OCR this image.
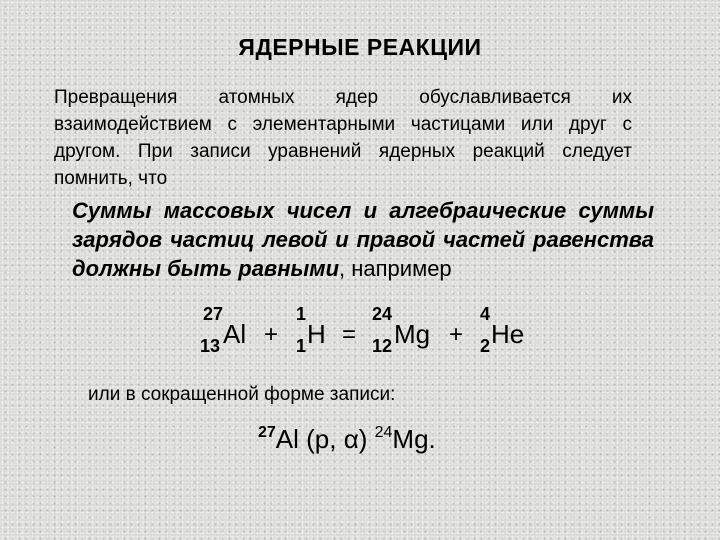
ЯДЕРНЫЕ РЕАКЦИИ
Превращения атомных ядер обуславливается их взаимодействием с элементарными частицами или друг с другом. При записи уравнений ядерных реакций следует помнить, что
Суммы массовых чисел и алгебраические суммы зарядов частиц левой и правой частей равенства должны быть равными, например
27
13 Al +
1
1 H =
24
12 Mg +
4
2 He
или в сокращенной форме записи:
$^{27}$Al (p, α) $^{24}$Mg.
